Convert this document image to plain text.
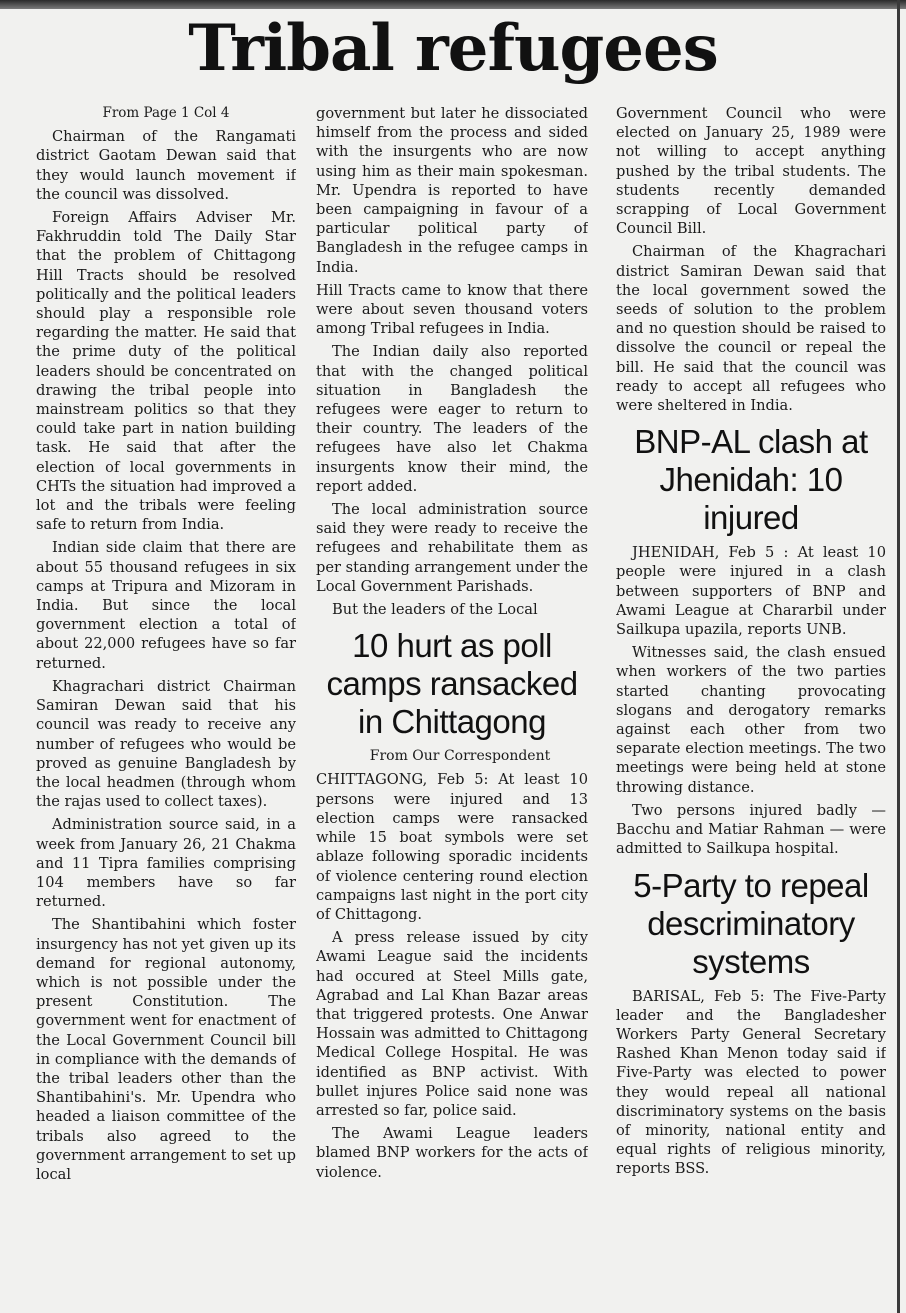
Tribal refugees

From Page 1 Col 4

Chairman of the Rangamati district Gaotam Dewan said that they would launch movement if the council was dissolved.

Foreign Affairs Adviser Mr. Fakhruddin told The Daily Star that the problem of Chittagong Hill Tracts should be resolved politically and the political leaders should play a responsible role regarding the matter. He said that the prime duty of the political leaders should be concentrated on drawing the tribal people into mainstream politics so that they could take part in nation building task. He said that after the election of local governments in CHTs the situation had improved a lot and the tribals were feeling safe to return from India.

Indian side claim that there are about 55 thousand refugees in six camps at Tripura and Mizoram in India. But since the local government election a total of about 22,000 refugees have so far returned.

Khagrachari district Chairman Samiran Dewan said that his council was ready to receive any number of refugees who would be proved as genuine Bangladesh by the local headmen (through whom the rajas used to collect taxes).

Administration source said, in a week from January 26, 21 Chakma and 11 Tipra families comprising 104 members have so far returned.

The Shantibahini which foster insurgency has not yet given up its demand for regional autonomy, which is not possible under the present Constitution. The government went for enactment of the Local Government Council bill in compliance with the demands of the tribal leaders other than the Shantibahini's. Mr. Upendra who headed a liaison committee of the tribals also agreed to the government arrangement to set up local

government but later he dissociated himself from the process and sided with the insurgents who are now using him as their main spokesman. Mr. Upendra is reported to have been campaigning in favour of a particular political party of Bangladesh in the refugee camps in India.

Hill Tracts came to know that there were about seven thousand voters among Tribal refugees in India.

The Indian daily also reported that with the changed political situation in Bangladesh the refugees were eager to return to their country. The leaders of the refugees have also let Chakma insurgents know their mind, the report added.

The local administration source said they were ready to receive the refugees and rehabilitate them as per standing arrangement under the Local Government Parishads.

But the leaders of the Local

10 hurt as poll camps ransacked in Chittagong

From Our Correspondent

CHITTAGONG, Feb 5: At least 10 persons were injured and 13 election camps were ransacked while 15 boat symbols were set ablaze following sporadic incidents of violence centering round election campaigns last night in the port city of Chittagong.

A press release issued by city Awami League said the incidents had occured at Steel Mills gate, Agrabad and Lal Khan Bazar areas that triggered protests. One Anwar Hossain was admitted to Chittagong Medical College Hospital. He was identified as BNP activist. With bullet injures Police said none was arrested so far, police said.

The Awami League leaders blamed BNP workers for the acts of violence.

Government Council who were elected on January 25, 1989 were not willing to accept anything pushed by the tribal students. The students recently demanded scrapping of Local Government Council Bill.

Chairman of the Khagrachari district Samiran Dewan said that the local government sowed the seeds of solution to the problem and no question should be raised to dissolve the council or repeal the bill. He said that the council was ready to accept all refugees who were sheltered in India.

BNP-AL clash at Jhenidah: 10 injured

JHENIDAH, Feb 5 : At least 10 people were injured in a clash between supporters of BNP and Awami League at Chararbil under Sailkupa upazila, reports UNB.

Witnesses said, the clash ensued when workers of the two parties started chanting provocating slogans and derogatory remarks against each other from two separate election meetings. The two meetings were being held at stone throwing distance.

Two persons injured badly — Bacchu and Matiar Rahman — were admitted to Sailkupa hospital.

5-Party to repeal descriminatory systems

BARISAL, Feb 5: The Five-Party leader and the Bangladesher Workers Party General Secretary Rashed Khan Menon today said if Five-Party was elected to power they would repeal all national discriminatory systems on the basis of minority, national entity and equal rights of religious minority, reports BSS.
